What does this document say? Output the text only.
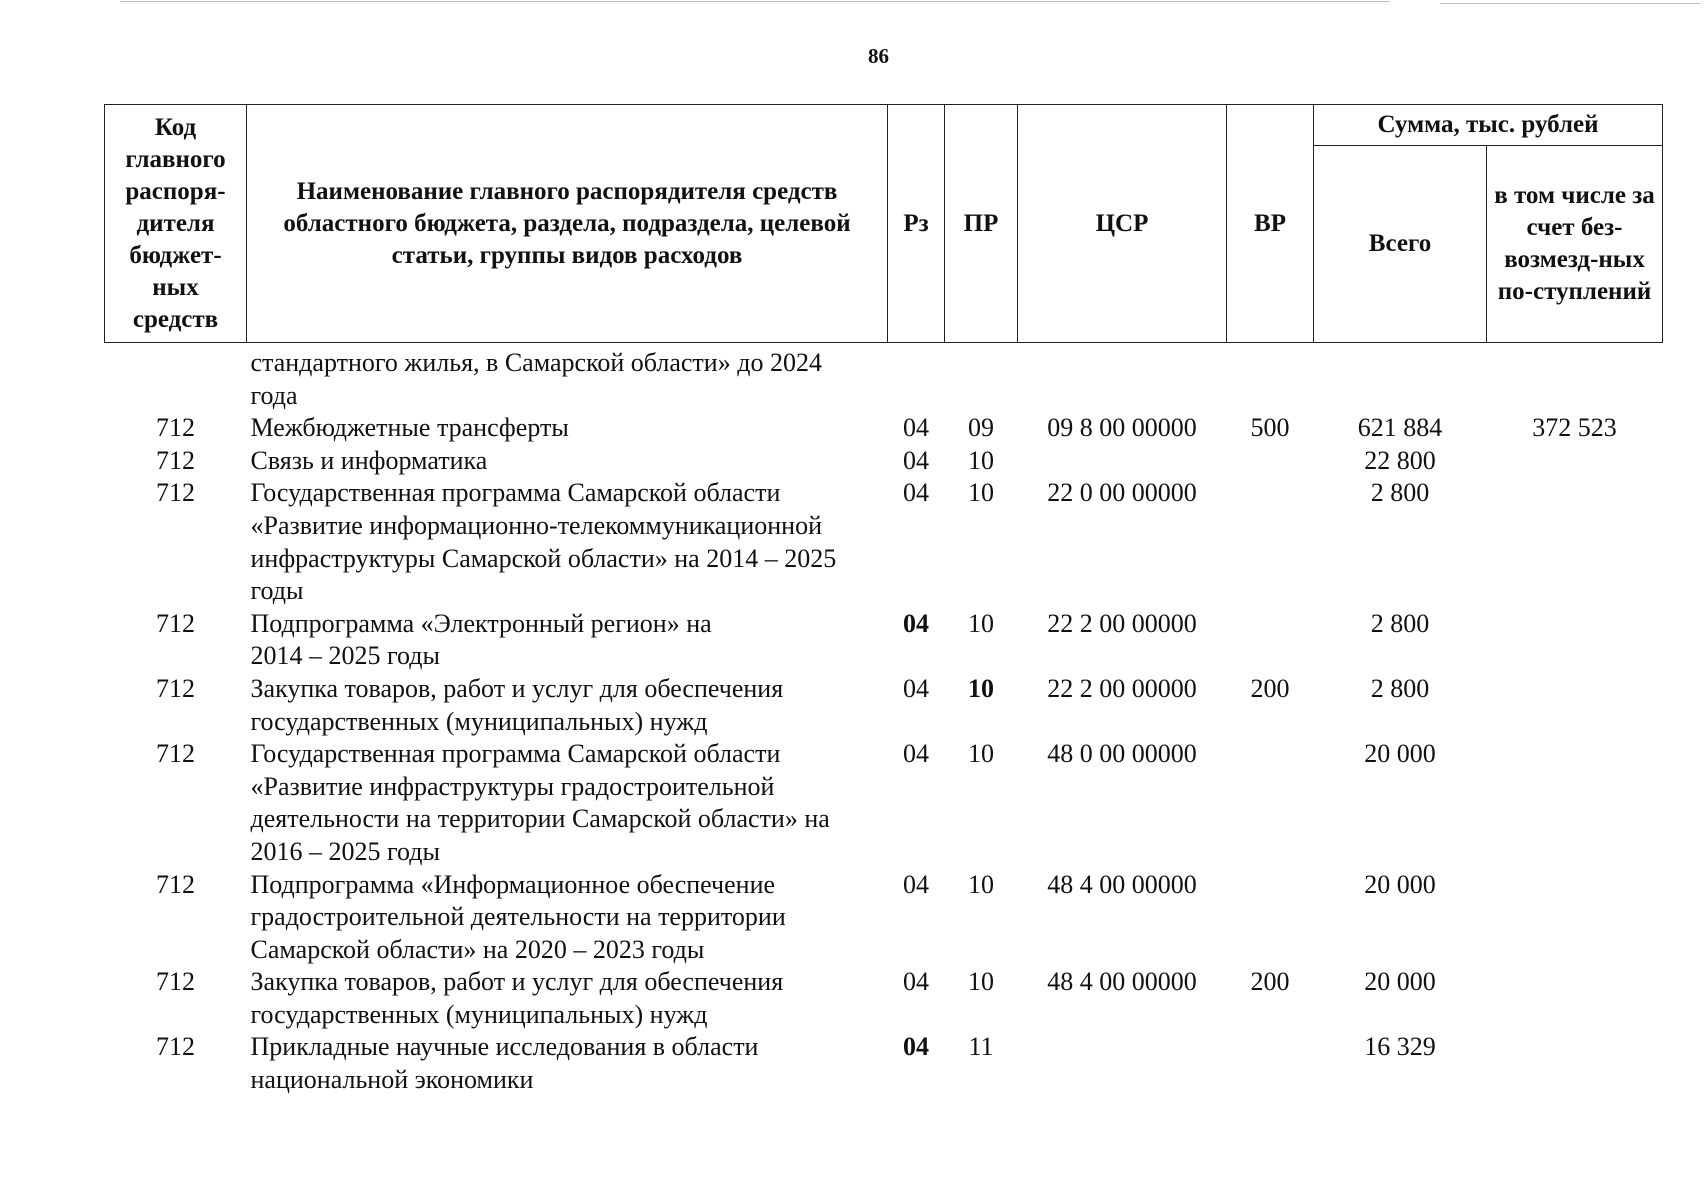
86
Код главного распоря-дителя бюджет-ных средств	Наименование главного распорядителя средств областного бюджета, раздела, подраздела, целевой статьи, группы видов расходов	Рз	ПР	ЦСР	ВР	Сумма, тыс. рублей	
						Всего	в том числе за счет без-возмезд-ных по-ступлений
	стандартного жилья, в Самарской области» до 2024 года						
712	Межбюджетные трансферты	04	09	09 8 00 00000	500	621 884	372 523
712	Связь и информатика	04	10			22 800	
712	Государственная программа Самарской области «Развитие информационно-телекоммуникационной инфраструктуры Самарской области» на 2014 – 2025 годы	04	10	22 0 00 00000		2 800	
712	Подпрограмма «Электронный регион» на 2014 – 2025 годы	04	10	22 2 00 00000		2 800	
712	Закупка товаров, работ и услуг для обеспечения государственных (муниципальных) нужд	04	10	22 2 00 00000	200	2 800	
712	Государственная программа Самарской области «Развитие инфраструктуры градостроительной деятельности на территории Самарской области» на 2016 – 2025 годы	04	10	48 0 00 00000		20 000	
712	Подпрограмма «Информационное обеспечение градостроительной деятельности на территории Самарской области» на 2020 – 2023 годы	04	10	48 4 00 00000		20 000	
712	Закупка товаров, работ и услуг для обеспечения государственных (муниципальных) нужд	04	10	48 4 00 00000	200	20 000	
712	Прикладные научные исследования в области национальной экономики	04	11			16 329	
